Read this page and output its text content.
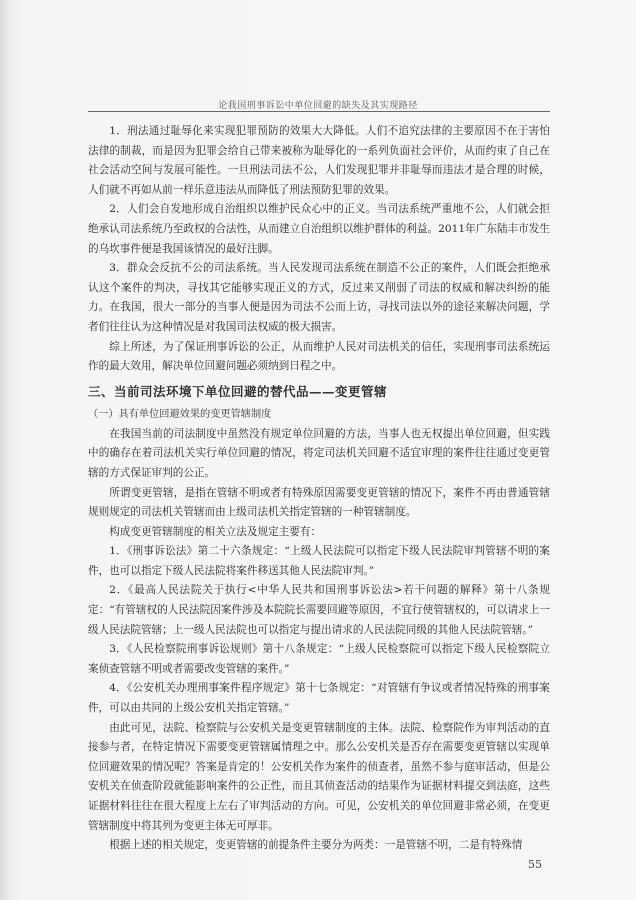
论我国刑事诉讼中单位回避的缺失及其实现路径

1．刑法通过耻辱化来实现犯罪预防的效果大大降低。人们不追究法律的主要原因不在于害怕法律的制裁，而是因为犯罪会给自己带来被称为耻辱化的一系列负面社会评价，从而约束了自己在社会活动空间与发展可能性。一旦刑法司法不公，人们发现犯罪并非耻辱而违法才是合理的时候，人们就不再如从前一样乐意违法从而降低了刑法预防犯罪的效果。

2．人们会自发地形成自治组织以维护民众心中的正义。当司法系统严重地不公，人们就会拒绝承认司法系统乃至政权的合法性，从而建立自治组织以维护群体的利益。2011年广东陆丰市发生的乌坎事件便是我国该情况的最好注脚。

3．群众会反抗不公的司法系统。当人民发现司法系统在制造不公正的案件，人们既会拒绝承认这个案件的判决，寻找其它能够实现正义的方式，反过来又削弱了司法的权威和解决纠纷的能力。在我国，很大一部分的当事人便是因为司法不公而上访，寻找司法以外的途径来解决问题，学者们往往认为这种情况是对我国司法权威的极大损害。

综上所述，为了保证刑事诉讼的公正，从而维护人民对司法机关的信任，实现刑事司法系统运作的最大效用，解决单位回避问题必须纳到日程之中。

三、当前司法环境下单位回避的替代品——变更管辖
（一）具有单位回避效果的变更管辖制度

在我国当前的司法制度中虽然没有规定单位回避的方法，当事人也无权提出单位回避，但实践中的确存在着司法机关实行单位回避的情况，将定司法机关回避不适宜审理的案件往往通过变更管辖的方式保证审判的公正。

所谓变更管辖，是指在管辖不明或者有特殊原因需要变更管辖的情况下，案件不再由普通管辖规则规定的司法机关管辖而由上级司法机关指定管辖的一种管辖制度。

构成变更管辖制度的相关立法及规定主要有：

1．《刑事诉讼法》第二十六条规定：“上级人民法院可以指定下级人民法院审判管辖不明的案件，也可以指定下级人民法院将案件移送其他人民法院审判。”

2．《最高人民法院关于执行<中华人民共和国刑事诉讼法>若干问题的解释》第十八条规定：“有管辖权的人民法院因案件涉及本院院长需要回避等原因，不宜行使管辖权的，可以请求上一级人民法院管辖；上一级人民法院也可以指定与提出请求的人民法院同级的其他人民法院管辖。”

3．《人民检察院刑事诉讼规则》第十八条规定：“上级人民检察院可以指定下级人民检察院立案侦查管辖不明或者需要改变管辖的案件。”

4．《公安机关办理刑事案件程序规定》第十七条规定：“对管辖有争议或者情况特殊的刑事案件，可以由共同的上级公安机关指定管辖。”

由此可见，法院、检察院与公安机关是变更管辖制度的主体。法院、检察院作为审判活动的直接参与者，在特定情况下需要变更管辖属情理之中。那么公安机关是否存在需要变更管辖以实现单位回避效果的情况呢？答案是肯定的！公安机关作为案件的侦查者，虽然不参与庭审活动，但是公安机关在侦查阶段就能影响案件的公正性，而且其侦查活动的结果作为证据材料提交到法庭，这些证据材料往往在很大程度上左右了审判活动的方向。可见，公安机关的单位回避非常必须，在变更管辖制度中将其列为变更主体无可厚非。

根据上述的相关规定，变更管辖的前提条件主要分为两类：一是管辖不明，二是有特殊情

55
